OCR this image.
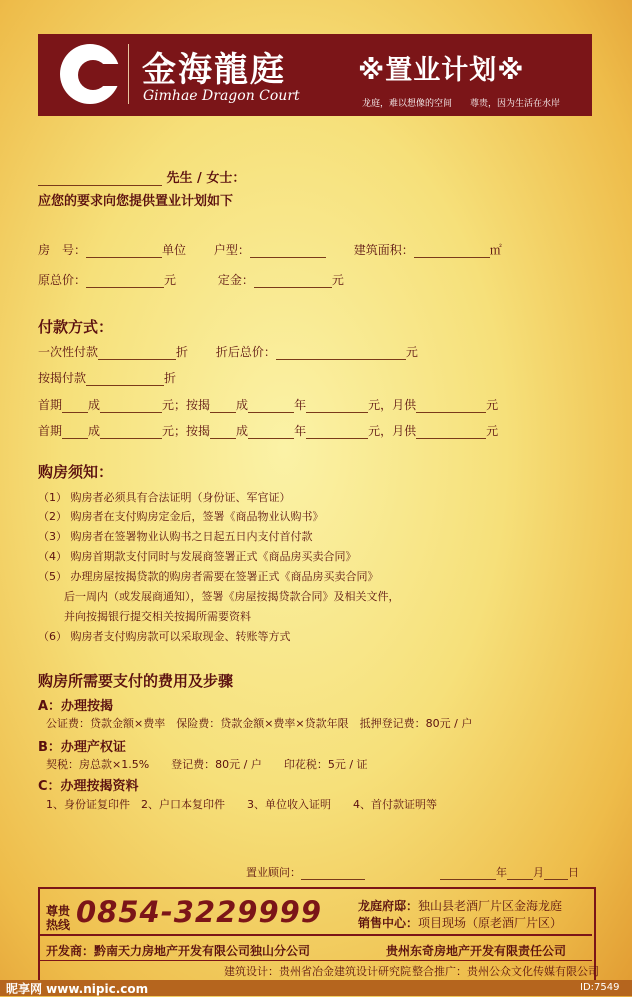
金海龍庭
Gimhae Dragon Court
※置业计划※
龙庭，难以想像的空间　　尊贵，因为生活在水岸
先生 / 女士：
应您的要求向您提供置业计划如下
房　号：	单位 户型：	建筑面积：	㎡
原总价：	元	定金：	元
付款方式：
一次性付款	折 折后总价：	元
按揭付款	折
首期 成	元；按揭 成	年	元，月供	元
首期 成	元；按揭 成	年	元，月供	元
购房须知：
（1） 购房者必须具有合法证明（身份证、军官证）
（2） 购房者在支付购房定金后，签署《商品物业认购书》
（3） 购房者在签署物业认购书之日起五日内支付首付款
（4） 购房首期款支付同时与发展商签署正式《商品房买卖合同》
（5） 办理房屋按揭贷款的购房者需要在签署正式《商品房买卖合同》
后一周内（或发展商通知），签署《房屋按揭贷款合同》及相关文件，
并向按揭银行提交相关按揭所需要资料
（6） 购房者支付购房款可以采取现金、转账等方式
购房所需要支付的费用及步骤
A：办理按揭
公证费：贷款金额×费率　保险费：贷款金额×费率×贷款年限　抵押登记费：80元 / 户
B：办理产权证
契税：房总款×1.5%　　登记费：80元 / 户　　印花税：5元 / 证
C：办理按揭资料
1、身份证复印件　2、户口本复印件　　3、单位收入证明　　4、首付款证明等
置业顾问：	年 月 日
尊贵
热线 0854-3229999	龙庭府邸：独山县老酒厂片区金海龙庭
销售中心：项目现场（原老酒厂片区）
开发商：黔南天力房地产开发有限公司独山分公司	贵州东奇房地产开发有限责任公司
建筑设计：贵州省冶金建筑设计研究院 整合推广：贵州公众文化传媒有限公司
昵享网 www.nipic.com	ID:7549
